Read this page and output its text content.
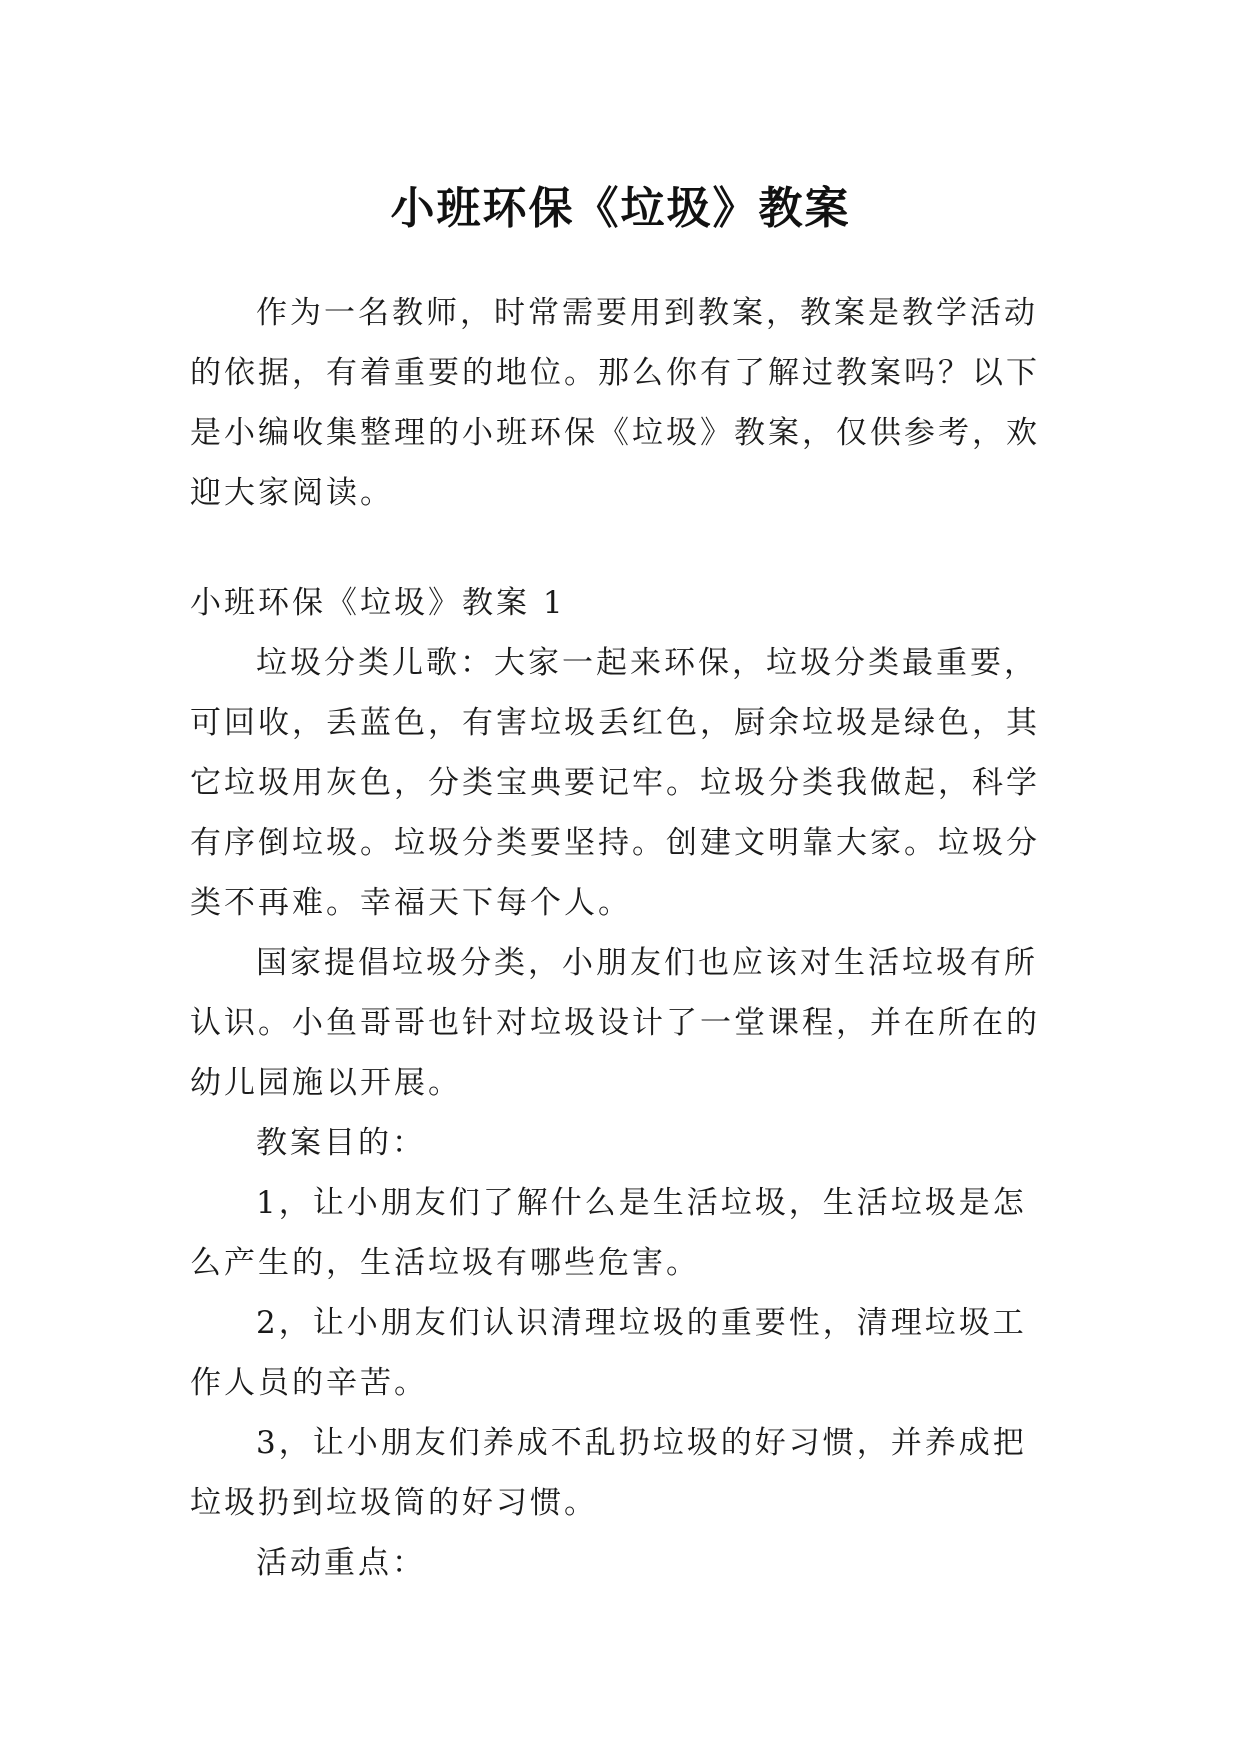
小班环保《垃圾》教案

作为一名教师，时常需要用到教案，教案是教学活动的依据，有着重要的地位。那么你有了解过教案吗？以下是小编收集整理的小班环保《垃圾》教案，仅供参考，欢迎大家阅读。

小班环保《垃圾》教案 1

垃圾分类儿歌：大家一起来环保，垃圾分类最重要，可回收，丢蓝色，有害垃圾丢红色，厨余垃圾是绿色，其它垃圾用灰色，分类宝典要记牢。垃圾分类我做起，科学有序倒垃圾。垃圾分类要坚持。创建文明靠大家。垃圾分类不再难。幸福天下每个人。

国家提倡垃圾分类，小朋友们也应该对生活垃圾有所认识。小鱼哥哥也针对垃圾设计了一堂课程，并在所在的幼儿园施以开展。

教案目的：

1，让小朋友们了解什么是生活垃圾，生活垃圾是怎么产生的，生活垃圾有哪些危害。

2，让小朋友们认识清理垃圾的重要性，清理垃圾工作人员的辛苦。

3，让小朋友们养成不乱扔垃圾的好习惯，并养成把垃圾扔到垃圾筒的好习惯。

活动重点：
